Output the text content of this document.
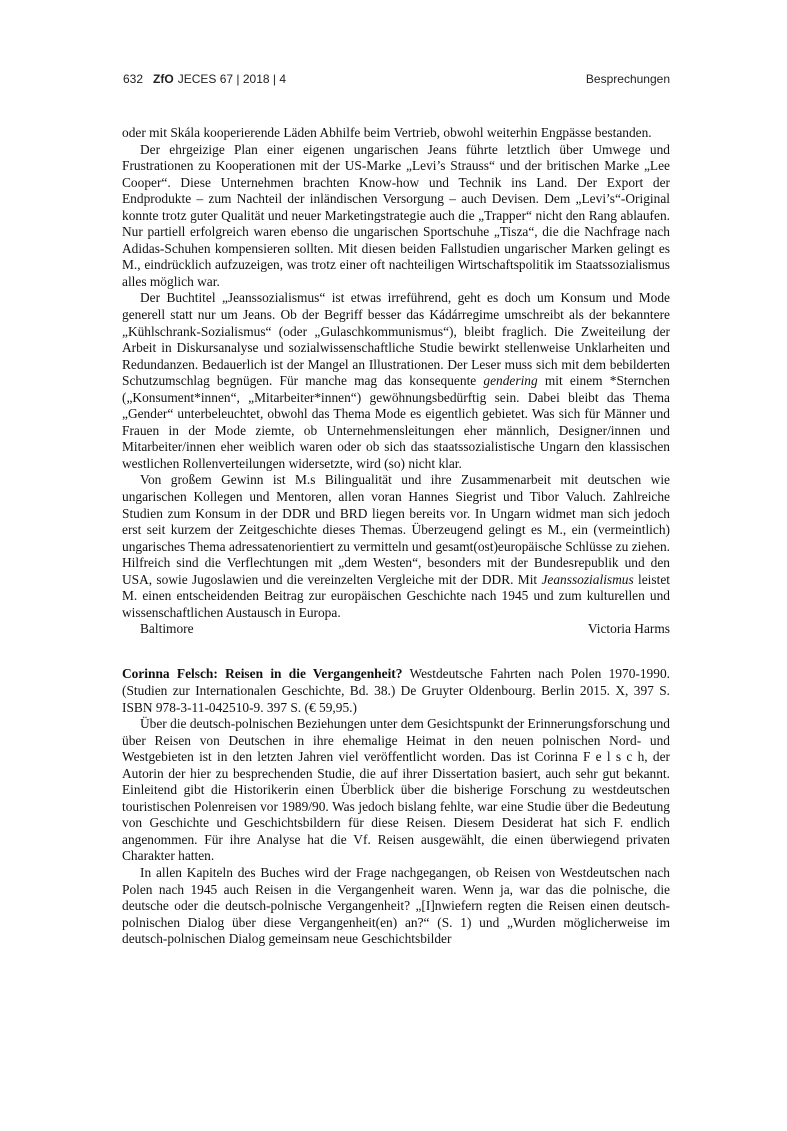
632 ZfO JECES 67 | 2018 | 4	Besprechungen

oder mit Skála kooperierende Läden Abhilfe beim Vertrieb, obwohl weiterhin Engpässe bestanden.

Der ehrgeizige Plan einer eigenen ungarischen Jeans führte letztlich über Umwege und Frustrationen zu Kooperationen mit der US-Marke „Levi’s Strauss“ und der britischen Marke „Lee Cooper“. Diese Unternehmen brachten Know-how und Technik ins Land. Der Export der Endprodukte – zum Nachteil der inländischen Versorgung – auch Devisen. Dem „Levi’s“-Original konnte trotz guter Qualität und neuer Marketingstrategie auch die „Trapper“ nicht den Rang ablaufen. Nur partiell erfolgreich waren ebenso die ungarischen Sportschuhe „Tisza“, die die Nachfrage nach Adidas-Schuhen kompensieren sollten. Mit diesen beiden Fallstudien ungarischer Marken gelingt es M., eindrücklich aufzuzeigen, was trotz einer oft nachteiligen Wirtschaftspolitik im Staatssozialismus alles möglich war.

Der Buchtitel „Jeanssozialismus“ ist etwas irreführend, geht es doch um Konsum und Mode generell statt nur um Jeans. Ob der Begriff besser das Kádárregime umschreibt als der bekanntere „Kühlschrank-Sozialismus“ (oder „Gulaschkommunismus“), bleibt fraglich. Die Zweiteilung der Arbeit in Diskursanalyse und sozialwissenschaftliche Studie bewirkt stellenweise Unklarheiten und Redundanzen. Bedauerlich ist der Mangel an Illustrationen. Der Leser muss sich mit dem bebilderten Schutzumschlag begnügen. Für manche mag das konsequente gendering mit einem *Sternchen („Konsument*innen“, „Mitarbeiter*innen“) gewöhnungsbedürftig sein. Dabei bleibt das Thema „Gender“ unterbeleuchtet, obwohl das Thema Mode es eigentlich gebietet. Was sich für Männer und Frauen in der Mode ziemte, ob Unternehmensleitungen eher männlich, Designer/innen und Mitarbeiter/innen eher weiblich waren oder ob sich das staatssozialistische Ungarn den klassischen westlichen Rollenverteilungen widersetzte, wird (so) nicht klar.

Von großem Gewinn ist M.s Bilingualität und ihre Zusammenarbeit mit deutschen wie ungarischen Kollegen und Mentoren, allen voran Hannes Siegrist und Tibor Valuch. Zahlreiche Studien zum Konsum in der DDR und BRD liegen bereits vor. In Ungarn widmet man sich jedoch erst seit kurzem der Zeitgeschichte dieses Themas. Überzeugend gelingt es M., ein (vermeintlich) ungarisches Thema adressatenorientiert zu vermitteln und gesamt(ost)europäische Schlüsse zu ziehen. Hilfreich sind die Verflechtungen mit „dem Westen“, besonders mit der Bundesrepublik und den USA, sowie Jugoslawien und die vereinzelten Vergleiche mit der DDR. Mit Jeanssozialismus leistet M. einen entscheidenden Beitrag zur europäischen Geschichte nach 1945 und zum kulturellen und wissenschaftlichen Austausch in Europa.

Baltimore	Victoria Harms

Corinna Felsch: Reisen in die Vergangenheit? Westdeutsche Fahrten nach Polen 1970-1990. (Studien zur Internationalen Geschichte, Bd. 38.) De Gruyter Oldenbourg. Berlin 2015. X, 397 S. ISBN 978-3-11-042510-9. 397 S. (€ 59,95.)

Über die deutsch-polnischen Beziehungen unter dem Gesichtspunkt der Erinnerungsforschung und über Reisen von Deutschen in ihre ehemalige Heimat in den neuen polnischen Nord- und Westgebieten ist in den letzten Jahren viel veröffentlicht worden. Das ist Corinna F e l s c h, der Autorin der hier zu besprechenden Studie, die auf ihrer Dissertation basiert, auch sehr gut bekannt. Einleitend gibt die Historikerin einen Überblick über die bisherige Forschung zu westdeutschen touristischen Polenreisen vor 1989/90. Was jedoch bislang fehlte, war eine Studie über die Bedeutung von Geschichte und Geschichtsbildern für diese Reisen. Diesem Desiderat hat sich F. endlich angenommen. Für ihre Analyse hat die Vf. Reisen ausgewählt, die einen überwiegend privaten Charakter hatten.

In allen Kapiteln des Buches wird der Frage nachgegangen, ob Reisen von Westdeutschen nach Polen nach 1945 auch Reisen in die Vergangenheit waren. Wenn ja, war das die polnische, die deutsche oder die deutsch-polnische Vergangenheit? „[I]nwiefern regten die Reisen einen deutsch-polnischen Dialog über diese Vergangenheit(en) an?“ (S. 1) und „Wurden möglicherweise im deutsch-polnischen Dialog gemeinsam neue Geschichtsbilder
